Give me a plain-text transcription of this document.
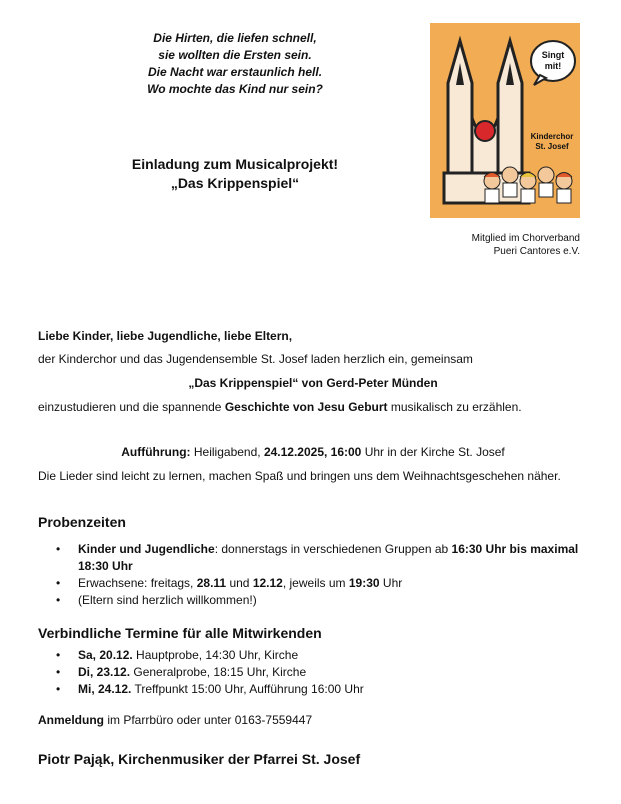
Die Hirten, die liefen schnell,
sie wollten die Ersten sein.
Die Nacht war erstaunlich hell.
Wo mochte das Kind nur sein?
Einladung zum Musicalprojekt!
„Das Krippenspiel“
Singt
mit!
Kinderchor
St. Josef
Mitglied im Chorverband
Pueri Cantores e.V.
Liebe Kinder, liebe Jugendliche, liebe Eltern,
der Kinderchor und das Jugendensemble St. Josef laden herzlich ein, gemeinsam
„Das Krippenspiel“ von Gerd-Peter Münden
einzustudieren und die spannende Geschichte von Jesu Geburt musikalisch zu erzählen.
Aufführung: Heiligabend, 24.12.2025, 16:00 Uhr in der Kirche St. Josef
Die Lieder sind leicht zu lernen, machen Spaß und bringen uns dem Weihnachtsgeschehen näher.
Probenzeiten
• Kinder und Jugendliche: donnerstags in verschiedenen Gruppen ab 16:30 Uhr bis maximal 18:30 Uhr
• Erwachsene: freitags, 28.11 und 12.12, jeweils um 19:30 Uhr
• (Eltern sind herzlich willkommen!)
Verbindliche Termine für alle Mitwirkenden
• Sa, 20.12. Hauptprobe, 14:30 Uhr, Kirche
• Di, 23.12. Generalprobe, 18:15 Uhr, Kirche
• Mi, 24.12. Treffpunkt 15:00 Uhr, Aufführung 16:00 Uhr
Anmeldung im Pfarrbüro oder unter 0163-7559447
Piotr Pająk, Kirchenmusiker der Pfarrei St. Josef
